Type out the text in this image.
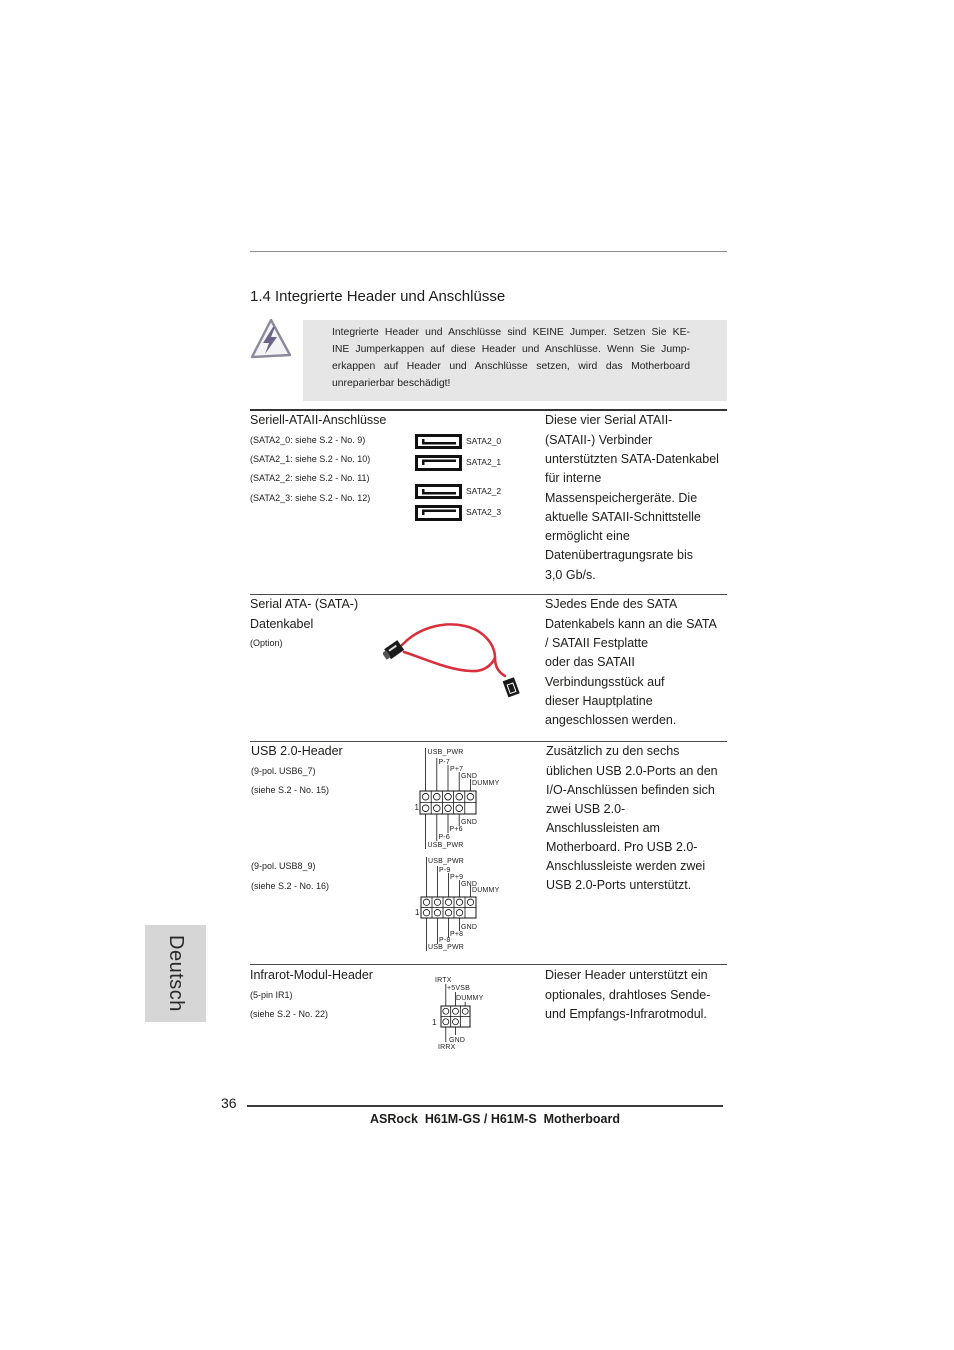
1.4 Integrierte Header und Anschlüsse
Integrierte Header und Anschlüsse sind KEINE Jumper. Setzen Sie KE-
INE Jumperkappen auf diese Header und Anschlüsse. Wenn Sie Jump-
erkappen auf Header und Anschlüsse setzen, wird das Motherboard
unreparierbar beschädigt!
Seriell-ATAII-Anschlüsse
(SATA2_0: siehe S.2 - No. 9)
(SATA2_1: siehe S.2 - No. 10)
(SATA2_2: siehe S.2 - No. 11)
(SATA2_3: siehe S.2 - No. 12)
SATA2_0
SATA2_1
SATA2_2
SATA2_3
Diese vier Serial ATAII-
(SATAII-) Verbinder
unterstützten SATA-Datenkabel
für interne
Massenspeichergeräte. Die
aktuelle SATAII-Schnittstelle
ermöglicht eine
Datenübertragungsrate bis
3,0 Gb/s.
Serial ATA- (SATA-)
Datenkabel
(Option)
SJedes Ende des SATA
Datenkabels kann an die SATA
/ SATAII Festplatte
oder das SATAII
Verbindungsstück auf
dieser Hauptplatine
angeschlossen werden.
USB 2.0-Header
(9-pol. USB6_7)
(siehe S.2 - No. 15)
(9-pol. USB8_9)
(siehe S.2 - No. 16)
USB_PWR
P-7
P+7
GND
DUMMY
GND
P+6
P-6
USB_PWR
1
USB_PWR
P-9
P+9
GND
DUMMY
GND
P+8
P-8
USB_PWR
1
Zusätzlich zu den sechs
üblichen USB 2.0-Ports an den
I/O-Anschlüssen befinden sich
zwei USB 2.0-
Anschlussleisten am
Motherboard. Pro USB 2.0-
Anschlussleiste werden zwei
USB 2.0-Ports unterstützt.
Infrarot-Modul-Header
(5-pin IR1)
(siehe S.2 - No. 22)
IRTX
+5VSB
DUMMY
GND
IRRX
1
Dieser Header unterstützt ein
optionales, drahtloses Sende-
und Empfangs-Infrarotmodul.
Deutsch
36
ASRock  H61M-GS / H61M-S  Motherboard
